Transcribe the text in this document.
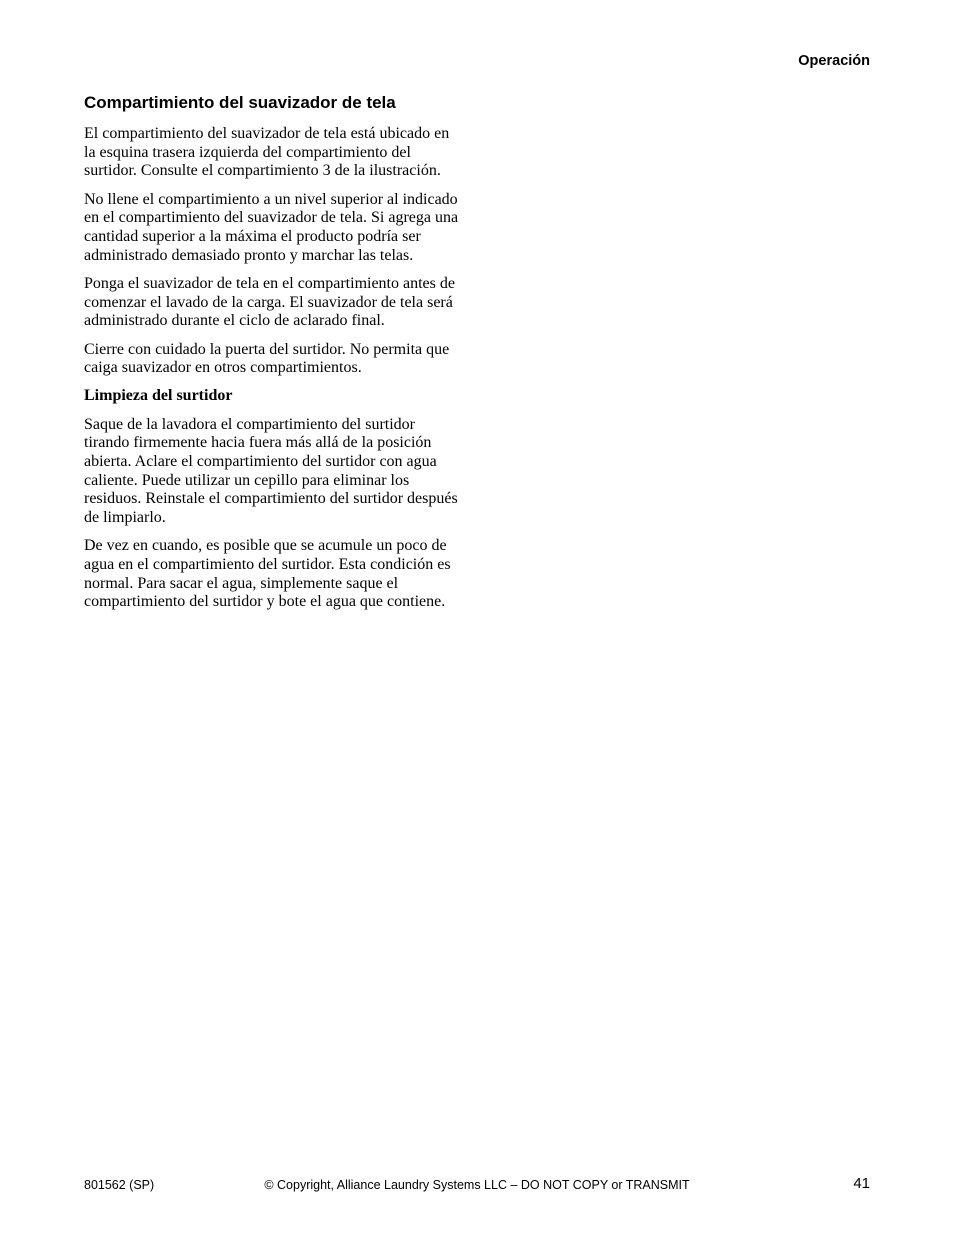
Operación
Compartimiento del suavizador de tela

El compartimiento del suavizador de tela está ubicado en la esquina trasera izquierda del compartimiento del surtidor. Consulte el compartimiento 3 de la ilustración.

No llene el compartimiento a un nivel superior al indicado en el compartimiento del suavizador de tela. Si agrega una cantidad superior a la máxima el producto podría ser administrado demasiado pronto y marchar las telas.

Ponga el suavizador de tela en el compartimiento antes de comenzar el lavado de la carga. El suavizador de tela será administrado durante el ciclo de aclarado final.

Cierre con cuidado la puerta del surtidor. No permita que caiga suavizador en otros compartimientos.

Limpieza del surtidor

Saque de la lavadora el compartimiento del surtidor tirando firmemente hacia fuera más allá de la posición abierta. Aclare el compartimiento del surtidor con agua caliente. Puede utilizar un cepillo para eliminar los residuos. Reinstale el compartimiento del surtidor después de limpiarlo.

De vez en cuando, es posible que se acumule un poco de agua en el compartimiento del surtidor. Esta condición es normal. Para sacar el agua, simplemente saque el compartimiento del surtidor y bote el agua que contiene.

801562 (SP)	© Copyright, Alliance Laundry Systems LLC – DO NOT COPY or TRANSMIT	41
